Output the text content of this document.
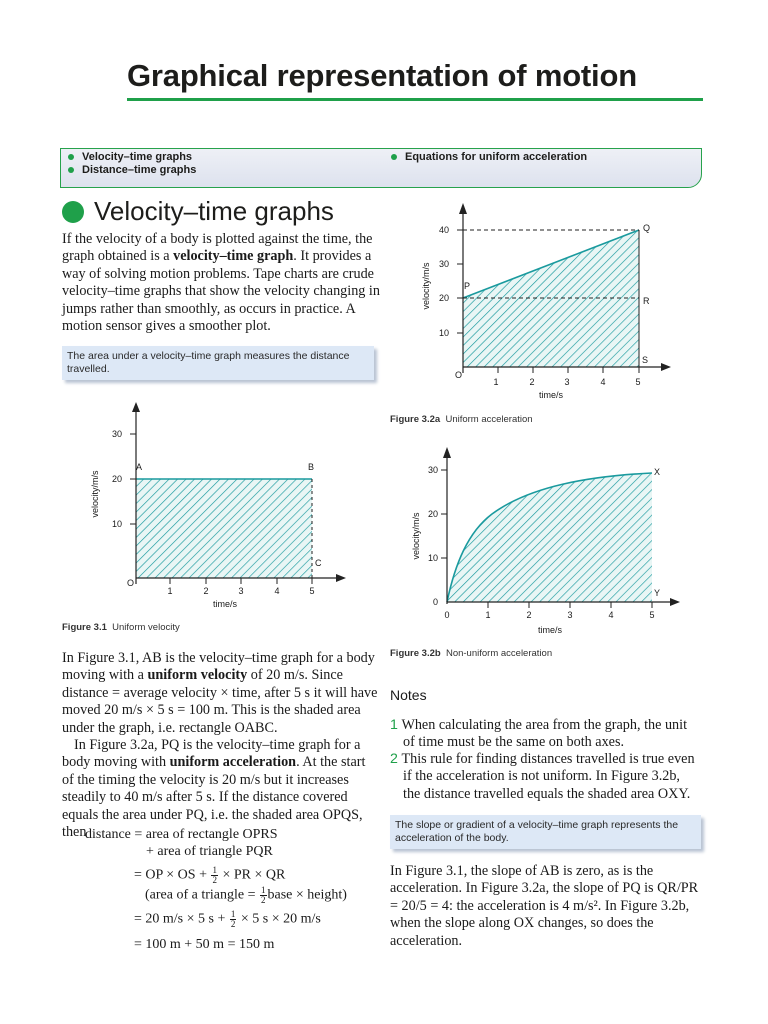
Graphical representation of motion
Velocity–time graphs
Distance–time graphs
Equations for uniform acceleration
Velocity–time graphs
If the velocity of a body is plotted against the time, the graph obtained is a velocity–time graph. It provides a way of solving motion problems. Tape charts are crude velocity–time graphs that show the velocity changing in jumps rather than smoothly, as occurs in practice. A motion sensor gives a smoother plot.
The area under a velocity–time graph measures the distance travelled.
10
20
30
1	2	3	4	5
O
A	B
C
time/s
velocity/m/s
Figure 3.1 Uniform velocity
10
20
30
40
1	2	3	4	5
O
P
Q
R
S
time/s
velocity/m/s
Figure 3.2a Uniform acceleration
0
10
20
30
0	1	2	3	4	5
X
Y
time/s
velocity/m/s
Figure 3.2b Non-uniform acceleration
In Figure 3.1, AB is the velocity–time graph for a body moving with a uniform velocity of 20 m/s. Since distance = average velocity × time, after 5 s it will have moved 20 m/s × 5 s = 100 m. This is the shaded area under the graph, i.e. rectangle OABC.
In Figure 3.2a, PQ is the velocity–time graph for a body moving with uniform acceleration. At the start of the timing the velocity is 20 m/s but it increases steadily to 40 m/s after 5 s. If the distance covered equals the area under PQ, i.e. the shaded area OPQS, then
distance = area of rectangle OPRS
+ area of triangle PQR
= OP × OS + $\frac{1}{2}$ × PR × QR
(area of a triangle = $\frac{1}{2}$ base × height)
= 20 m/s × 5 $s + \frac{1}{2} \times 5$ s × 20 m/s
= 100 m + 50 m = 150 m
Notes
1 When calculating the area from the graph, the unit of time must be the same on both axes.
2 This rule for finding distances travelled is true even if the acceleration is not uniform. In Figure 3.2b, the distance travelled equals the shaded area OXY.
The slope or gradient of a velocity–time graph represents the acceleration of the body.
In Figure 3.1, the slope of AB is zero, as is the acceleration. In Figure 3.2a, the slope of PQ is QR/PR = 20/5 = 4: the acceleration is 4 m/s². In Figure 3.2b, when the slope along OX changes, so does the acceleration.
